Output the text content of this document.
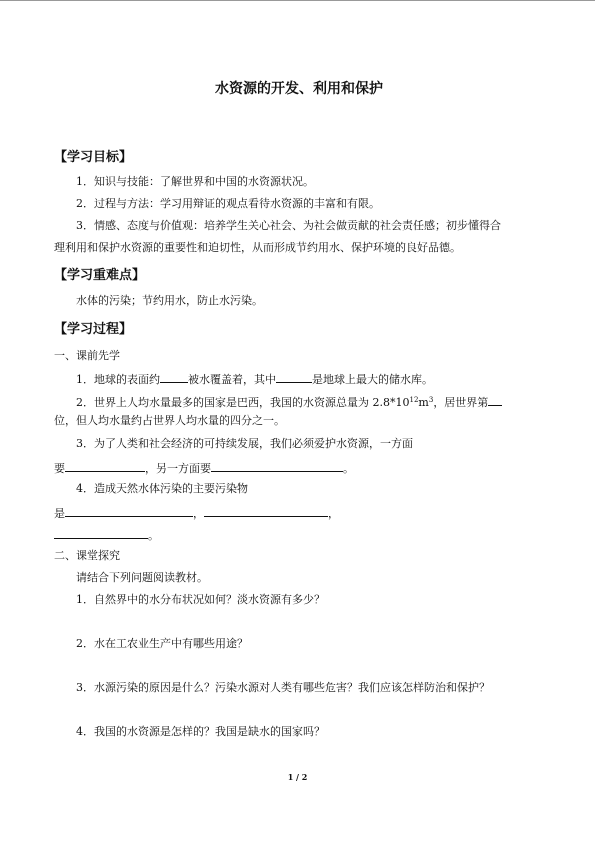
水资源的开发、利用和保护
【学习目标】
1．知识与技能：了解世界和中国的水资源状况。
2．过程与方法：学习用辩证的观点看待水资源的丰富和有限。
3．情感、态度与价值观：培养学生关心社会、为社会做贡献的社会责任感；初步懂得合
理利用和保护水资源的重要性和迫切性，从而形成节约用水、保护环境的良好品德。
【学习重难点】
水体的污染；节约用水，防止水污染。
【学习过程】
一、课前先学
1．地球的表面约	被水覆盖着，其中	是地球上最大的储水库。
2．世界上人均水量最多的国家是巴西，我国的水资源总量为 $2.8*10^{12}m^3$，居世界第
位，但人均水量约占世界人均水量的四分之一。
3．为了人类和社会经济的可持续发展，我们必须爱护水资源，一方面
要	，另一方面要	。
4．造成天然水体污染的主要污染物
是	，	，
。
二、课堂探究
请结合下列问题阅读教材。
1．自然界中的水分布状况如何？淡水资源有多少？
2．水在工农业生产中有哪些用途？
3．水源污染的原因是什么？污染水源对人类有哪些危害？我们应该怎样防治和保护？
4．我国的水资源是怎样的？我国是缺水的国家吗？
1 / 2
